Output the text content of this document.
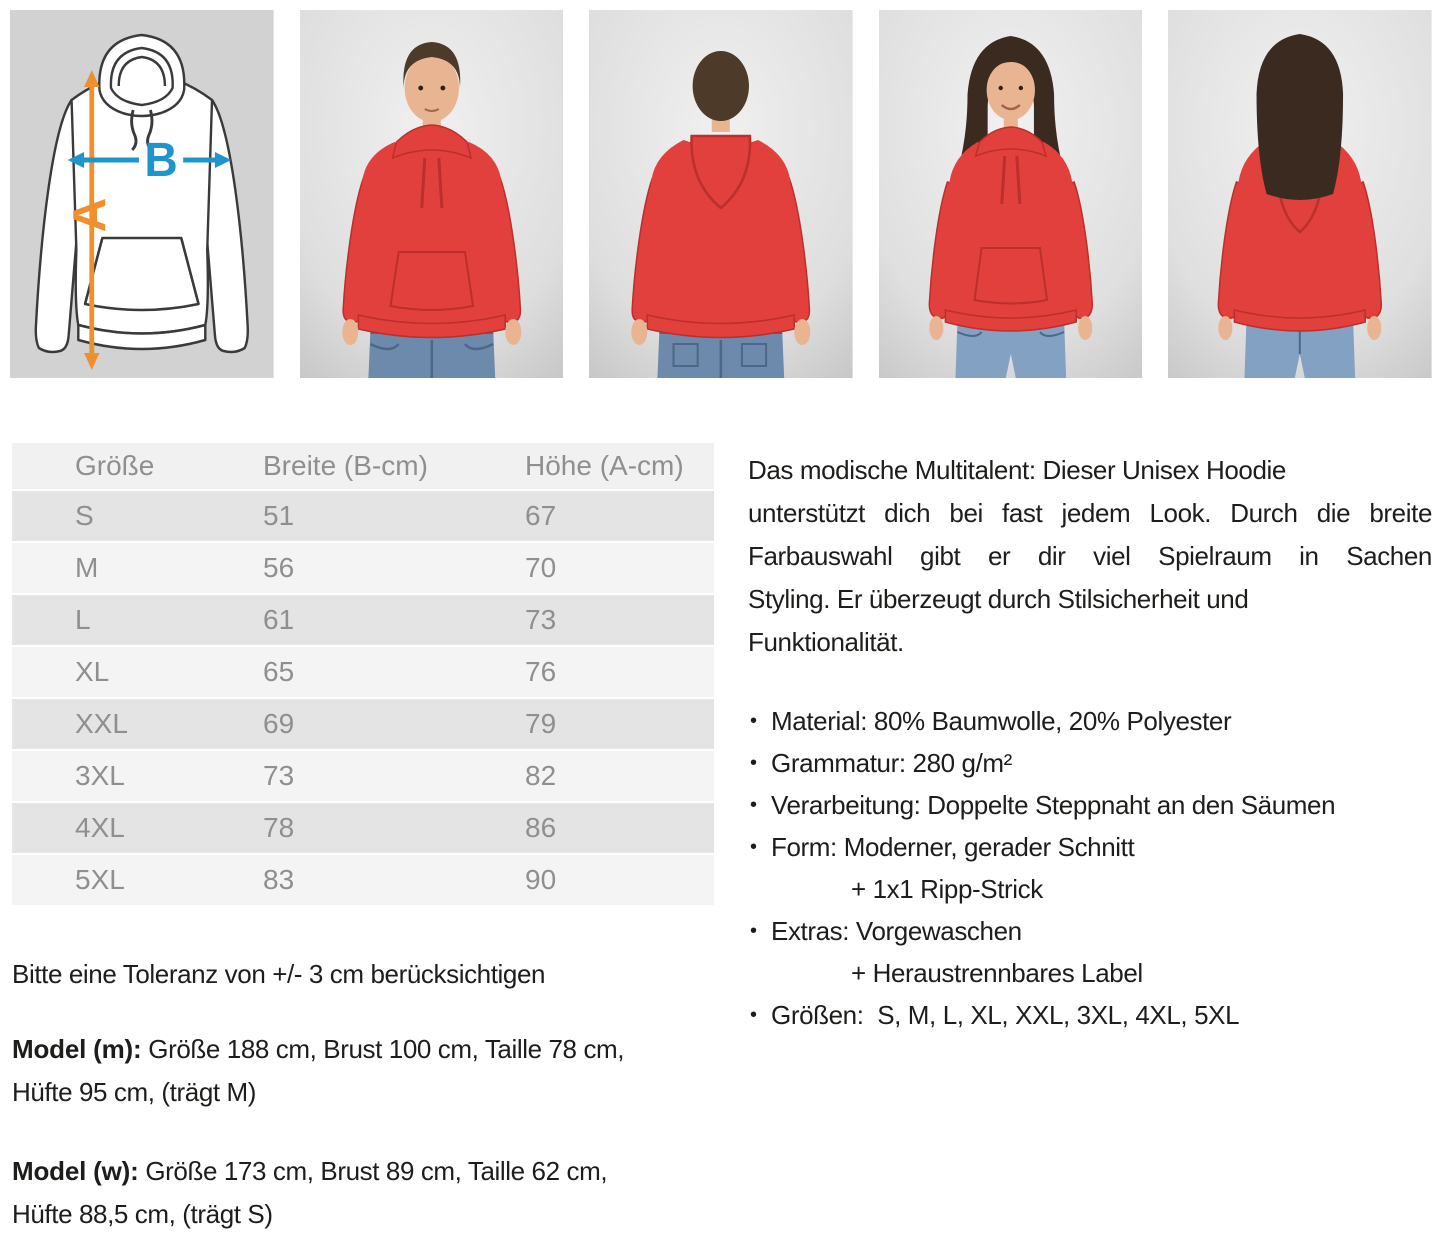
A
B
Größe	Breite (B-cm)	Höhe (A-cm)
S	51	67
M	56	70
L	61	73
XL	65	76
XXL	69	79
3XL	73	82
4XL	78	86
5XL	83	90
Bitte eine Toleranz von +/- 3 cm berücksichtigen
Model (m): Größe 188 cm, Brust 100 cm, Taille 78 cm,
Hüfte 95 cm, (trägt M)
Model (w): Größe 173 cm, Brust 89 cm, Taille 62 cm,
Hüfte 88,5 cm, (trägt S)
Das modische Multitalent: Dieser Unisex Hoodie
unterstützt dich bei fast jedem Look. Durch die breite
Farbauswahl gibt er dir viel Spielraum in Sachen
Styling. Er überzeugt durch Stilsicherheit und
Funktionalität.
• Material: 80% Baumwolle, 20% Polyester
• Grammatur: 280 g/m²
• Verarbeitung: Doppelte Steppnaht an den Säumen
• Form: Moderner, gerader Schnitt
+ 1x1 Ripp-Strick
• Extras: Vorgewaschen
+ Heraustrennbares Label
• Größen:  S, M, L, XL, XXL, 3XL, 4XL, 5XL
